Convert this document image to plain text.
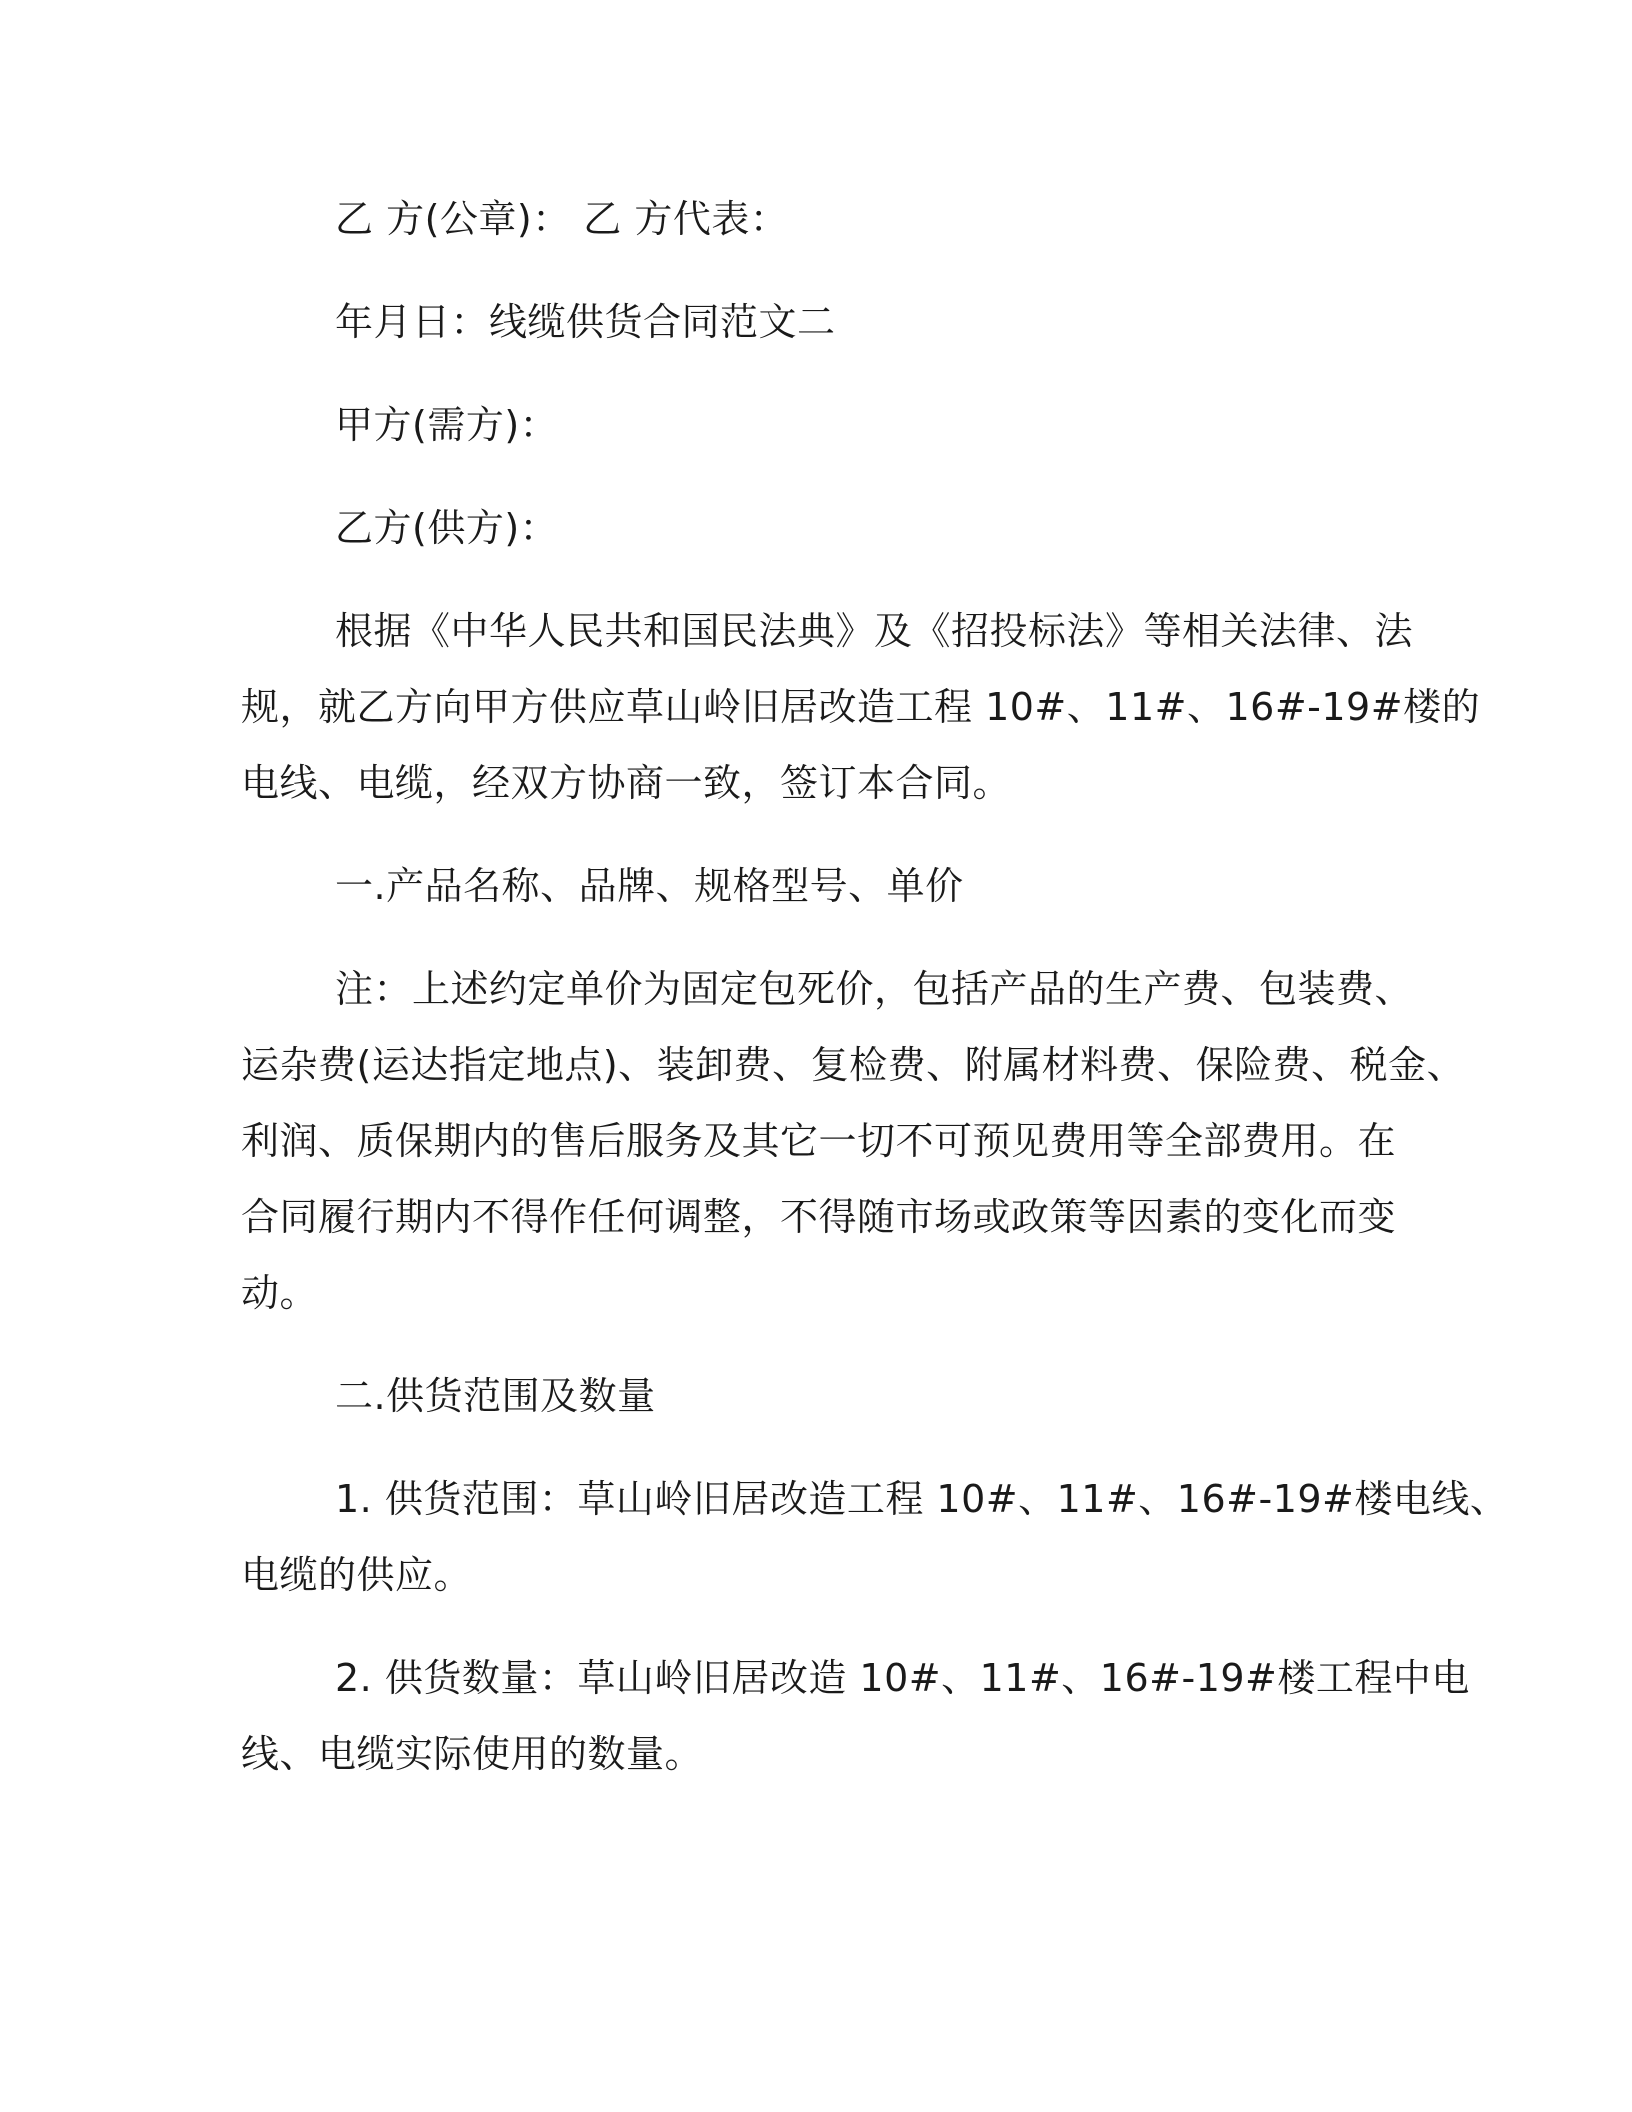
乙 方(公章)： 乙 方代表：
年月日：线缆供货合同范文二
甲方(需方)：
乙方(供方)：
根据《中华人民共和国民法典》及《招投标法》等相关法律、法
规，就乙方向甲方供应草山岭旧居改造工程 10#、11#、16#-19#楼的
电线、电缆，经双方协商一致，签订本合同。
一.产品名称、品牌、规格型号、单价
注：上述约定单价为固定包死价，包括产品的生产费、包装费、
运杂费(运达指定地点)、装卸费、复检费、附属材料费、保险费、税金、
利润、质保期内的售后服务及其它一切不可预见费用等全部费用。在
合同履行期内不得作任何调整，不得随市场或政策等因素的变化而变
动。
二.供货范围及数量
1. 供货范围：草山岭旧居改造工程 10#、11#、16#-19#楼电线、
电缆的供应。
2. 供货数量：草山岭旧居改造 10#、11#、16#-19#楼工程中电
线、电缆实际使用的数量。
